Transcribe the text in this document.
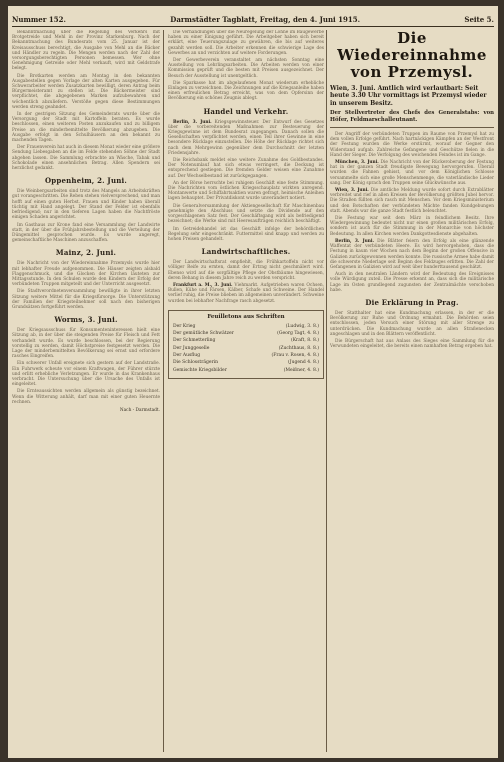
Nummer 152.	Darmstädter Tagblatt, Freitag, den 4. Juni 1915.	Seite 5.

Bekanntmachung über die Regelung des Verkehrs mit Brotgetreide und Mehl in der Provinz Starkenburg. Nach der Bekanntmachung des Bundesrats vom 25. Januar ist der Kreisausschuss berechtigt, die Ausgabe von Mehl an die Bäcker und Händler zu regeln. Die Mengen werden nach der Zahl der versorgungsberechtigten Personen bemessen. Wer ohne Genehmigung Getreide oder Mehl verkauft, wird mit Geldstrafe belegt.

Die Brotkarten werden am Montag in den bekannten Ausgabestellen gegen Vorlage der alten Karten ausgegeben. Für Schwerarbeiter werden Zusatzkarten bewilligt, deren Antrag beim Bürgermeisteramt zu stellen ist. Die Bäckermeister sind verpflichtet, die abgegebenen Marken aufzubewahren und wöchentlich abzuliefern. Verstöße gegen diese Bestimmungen werden streng geahndet.

In der gestrigen Sitzung des Gemeinderats wurde über die Versorgung der Stadt mit Kartoffeln beraten. Es wurde beschlossen, einen weiteren Posten anzukaufen und zu billigem Preise an die minderbemittelte Bevölkerung abzugeben. Die Ausgabe erfolgt in den Schulhäusern an den bekannt zu machenden Tagen.

Der Frauenverein hat auch in diesem Monat wieder eine größere Sendung Liebesgaben an die im Felde stehenden Söhne der Stadt abgehen lassen. Die Sammlung erbrachte an Wäsche, Tabak und Schokolade einen ansehnlichen Betrag. Allen Spendern sei herzlichst gedankt.

Oppenheim, 2. Juni.

Die Weinbergsarbeiten sind trotz des Mangels an Arbeitskräften gut vorangeschritten. Die Reben stehen vielversprechend, und man hofft auf einen guten Herbst. Frauen und Kinder haben überall tüchtig mit Hand angelegt. Der Stand der Felder ist ebenfalls befriedigend; nur in den tieferen Lagen haben die Nachtfröste einigen Schaden angerichtet.

Im Gasthaus zur Krone fand eine Versammlung der Landwirte statt, in der über die Frühjahrsbestellung und die Verteilung der Düngemittel gesprochen wurde. Es wurde angeregt, gemeinschaftliche Maschinen anzuschaffen.

Mainz, 2. Juni.

Die Nachricht von der Wiedereinnahme Przemysls wurde hier mit lebhafter Freude aufgenommen. Die Häuser zeigten alsbald Flaggenschmuck, und die Glocken der Kirchen läuteten zur Mittagsstunde. In den Schulen wurde den Kindern der Erfolg der verbündeten Truppen mitgeteilt und der Unterricht ausgesetzt.

Die Stadtverordnetenversammlung bewilligte in ihrer letzten Sitzung weitere Mittel für die Kriegsfürsorge. Die Unterstützung der Familien der Kriegsteilnehmer soll nach den bisherigen Grundsätzen fortgeführt werden.

Worms, 3. Juni.

Der Kriegsausschuss für Konsumenteninteressen hielt eine Sitzung ab, in der über die steigenden Preise für Fleisch und Fett verhandelt wurde. Es wurde beschlossen, bei der Regierung vorstellig zu werden, damit Höchstpreise festgesetzt werden. Die Lage der minderbemittelten Bevölkerung sei ernst und erfordere rasches Eingreifen.

Ein schwerer Unfall ereignete sich gestern auf der Landstraße. Ein Fuhrwerk scheute vor einem Kraftwagen, der Führer stürzte und erlitt erhebliche Verletzungen. Er wurde in das Krankenhaus verbracht. Die Untersuchung über die Ursache des Unfalls ist eingeleitet.

Die Ernteaussichten werden allgemein als günstig bezeichnet. Wenn die Witterung anhält, darf man mit einer guten Heuernte rechnen.

Nach - Darmstadt.

Die Verhandlungen über die Neuregelung der Löhne im Baugewerbe haben zu einer Einigung geführt. Die Arbeitgeber haben sich bereit erklärt, eine Teuerungszulage zu gewähren, die bis auf weiteres gezahlt werden soll. Die Arbeiter erkennen die schwierige Lage des Gewerbes an und verzichten auf weitere Forderungen.

Der Gewerbeverein veranstaltet am nächsten Sonntag eine Ausstellung von Lehrlingsarbeiten. Die Arbeiten werden von einer Kommission geprüft und die besten mit Preisen ausgezeichnet. Der Besuch der Ausstellung ist unentgeltlich.

Die Sparkasse hat im abgelaufenen Monat wiederum erhebliche Einlagen zu verzeichnen. Die Zeichnungen auf die Kriegsanleihe haben einen erfreulichen Betrag erreicht, was von dem Opfersinn der Bevölkerung ein schönes Zeugnis ablegt.

Handel und Verkehr.

Berlin, 3. Juni. Kriegsgewinnsteuer. Der Entwurf des Gesetzes über die vorbereitenden Maßnahmen zur Besteuerung der Kriegsgewinne ist dem Bundesrat zugegangen. Danach sollen die Gesellschaften verpflichtet werden, einen Teil ihrer Gewinne in eine besondere Rücklage einzustellen. Die Höhe der Rücklage richtet sich nach dem Mehrgewinn gegenüber dem Durchschnitt der letzten Friedensjahre.

Die Reichsbank meldet eine weitere Zunahme des Goldbestandes. Der Notenumlauf hat sich etwas verringert, die Deckung ist entsprechend gestiegen. Die fremden Gelder weisen eine Zunahme auf. Der Wechselbestand ist zurückgegangen.

An der Börse herrschte bei ruhigem Geschäft eine feste Stimmung. Die Nachrichten vom östlichen Kriegsschauplatz wirkten anregend. Montanwerte und Schiffahrtsaktien waren gefragt, heimische Anleihen lagen behauptet. Der Privatdiskont wurde unverändert notiert.

Die Generalversammlung der Aktiengesellschaft für Maschinenbau genehmigte den Abschluss und setzte die Dividende auf den vorgeschlagenen Satz fest. Der Geschäftsgang wird als befriedigend bezeichnet; die Werke sind mit Heeresaufträgen reichlich beschäftigt.

Im Getreidehandel ist das Geschäft infolge der behördlichen Regelung sehr eingeschränkt. Futtermittel sind knapp und werden zu hohen Preisen gehandelt.

Landwirtschaftliches.

Der Landwirtschaftsrat empfiehlt, die Frühkartoffeln nicht vor völliger Reife zu ernten, damit der Ertrag nicht geschmälert wird. Ebenso wird auf die sorgfältige Pflege der Obstbäume hingewiesen, deren Behang in diesem Jahre reich zu werden verspricht.

Frankfurt a. M., 3. Juni. Viehmarkt. Aufgetrieben waren Ochsen, Bullen, Kühe und Färsen, Kälber, Schafe und Schweine. Der Handel verlief ruhig, die Preise blieben im allgemeinen unverändert. Schweine wurden bei lebhafter Nachfrage rasch abgesetzt.

Feuilletons aus Schriften
(Ludwig, 3. 8.)
Der Krieg
(Georg Tagt, 4. 8.)
Der gemütliche Schwätzer
(Kraft, 8. 8.)
Der Schmetterling
(Zuchthaus, 8. 8.)
Der Junggeselle
(Frau v. Rosen, 4. 8.)
Der Ausflug
(Jugend 4. 8.)
Die Schlossträgerin
(Meißner, 4. 8.)
Gemischte Kriegsbilder
Die Wiedereinnahme
von Przemysl.
Wien, 3. Juni. Amtlich wird verlautbart: Seit heute 3.30 Uhr vormittags ist Przemysl wieder in unserem Besitz.
Der Stellvertreter des Chefs des Generalstabs: von Höfer, Feldmarschalleutnant.

Der Angriff der verbündeten Truppen im Raume von Przemysl hat zu dem vollen Erfolge geführt. Nach hartnäckigen Kämpfen an der Westfront der Festung wurden die Werke erstürmt, worauf der Gegner den Widerstand aufgab. Zahlreiche Gefangene und Geschütze fielen in die Hand der Sieger. Die Verfolgung des weichenden Feindes ist im Gange.

München, 3. Juni. Die Nachricht von der Rückeroberung der Festung hat in der ganzen Stadt freudigste Bewegung hervorgerufen. Überall wurden die Fahnen gehisst, und vor dem Königlichen Schlosse versammelte sich eine große Menschenmenge, die vaterländische Lieder sang. Der König sprach den Truppen seine Glückwünsche aus.

Wien, 3. Juni. Die amtliche Meldung wurde sofort durch Extrablätter verbreitet und rief in allen Kreisen der Bevölkerung größten Jubel hervor. Die Straßen füllten sich rasch mit Menschen. Vor dem Kriegsministerium und den Botschaften der verbündeten Mächte fanden Kundgebungen statt. Abends war die ganze Stadt festlich beleuchtet.

Die Festung war seit dem März in feindlichem Besitz. Ihre Wiedergewinnung bedeutet nicht nur einen großen militärischen Erfolg, sondern ist auch für die Stimmung in der Monarchie von höchster Bedeutung. In allen Kirchen werden Dankgottesdienste abgehalten.

Berlin, 3. Juni. Die Blätter feiern den Erfolg als eine glänzende Waffentat der verbündeten Heere. Es wird hervorgehoben, dass die Festung in kaum vier Wochen nach dem Beginn der großen Offensive in Galizien zurückgewonnen werden konnte. Die russische Armee habe damit die schwerste Niederlage seit Beginn des Feldzuges erlitten. Die Zahl der Gefangenen in Galizien wird auf weit über hunderttausend geschätzt.

Auch in den neutralen Ländern wird der Bedeutung des Ereignisses volle Würdigung zuteil. Die Presse erkennt an, dass sich die militärische Lage im Osten grundlegend zugunsten der Zentralmächte verschoben habe.

Die Erklärung in Prag.

Der Statthalter hat eine Kundmachung erlassen, in der er die Bevölkerung zur Ruhe und Ordnung ermahnt. Die Behörden seien entschlossen, jeden Versuch einer Störung mit aller Strenge zu unterdrücken. Die Kundmachung wurde an allen Straßenecken angeschlagen und in den Blättern veröffentlicht.

Die Bürgerschaft hat aus Anlass des Sieges eine Sammlung für die Verwundeten eingeleitet, die bereits einen namhaften Betrag ergeben hat.
